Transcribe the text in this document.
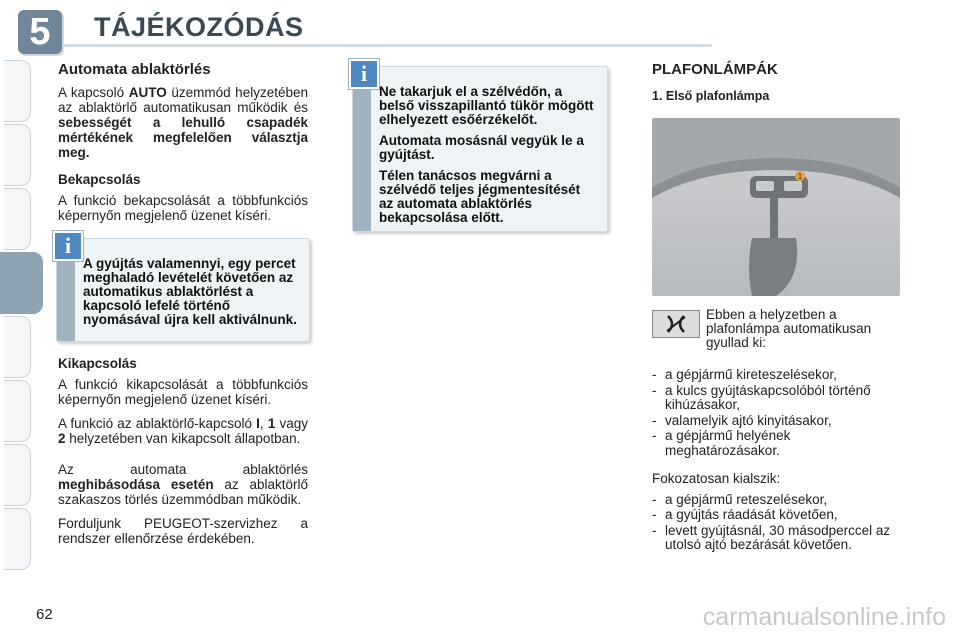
5	TÁJÉKOZÓDÁS
Automata ablaktörlés

A kapcsoló AUTO üzemmód helyzetében az ablaktörlő automatikusan működik és sebességét a lehulló csapadék mértékének megfelelően választja meg.

Bekapcsolás

A funkció bekapcsolását a többfunkciós képernyőn megjelenő üzenet kíséri.

i
A gyújtás valamennyi, egy percet meghaladó levételét követően az automatikus ablaktörlést a kapcsoló lefelé történő nyomásával újra kell aktiválnunk.
Kikapcsolás

A funkció kikapcsolását a többfunkciós képernyőn megjelenő üzenet kíséri.

A funkció az ablaktörlő-kapcsoló I, 1 vagy 2 helyzetében van kikapcsolt állapotban.

Az automata ablaktörlés meghibásodása esetén az ablaktörlő szakaszos törlés üzemmódban működik.

Forduljunk PEUGEOT-szervizhez a rendszer ellenőrzése érdekében.

i

Ne takarjuk el a szélvédőn, a belső visszapillantó tükör mögött elhelyezett esőérzékelőt.

Automata mosásnál vegyük le a gyújtást.

Télen tanácsos megvárni a szélvédő teljes jégmentesítését az automata ablaktörlés bekapcsolása előtt.

PLAFONLÁMPÁK
1. Első plafonlámpa
1

Ebben a helyzetben a plafonlámpa automatikusan gyullad ki:

- a gépjármű kireteszelésekor,
- a kulcs gyújtáskapcsolóból történő kihúzásakor,
- valamelyik ajtó kinyitásakor,
- a gépjármű helyének meghatározásakor.

Fokozatosan kialszik:

- a gépjármű reteszelésekor,
- a gyújtás ráadását követően,
- levett gyújtásnál, 30 másodperccel az utolsó ajtó bezárását követően.
62	carmanualsonline.info
